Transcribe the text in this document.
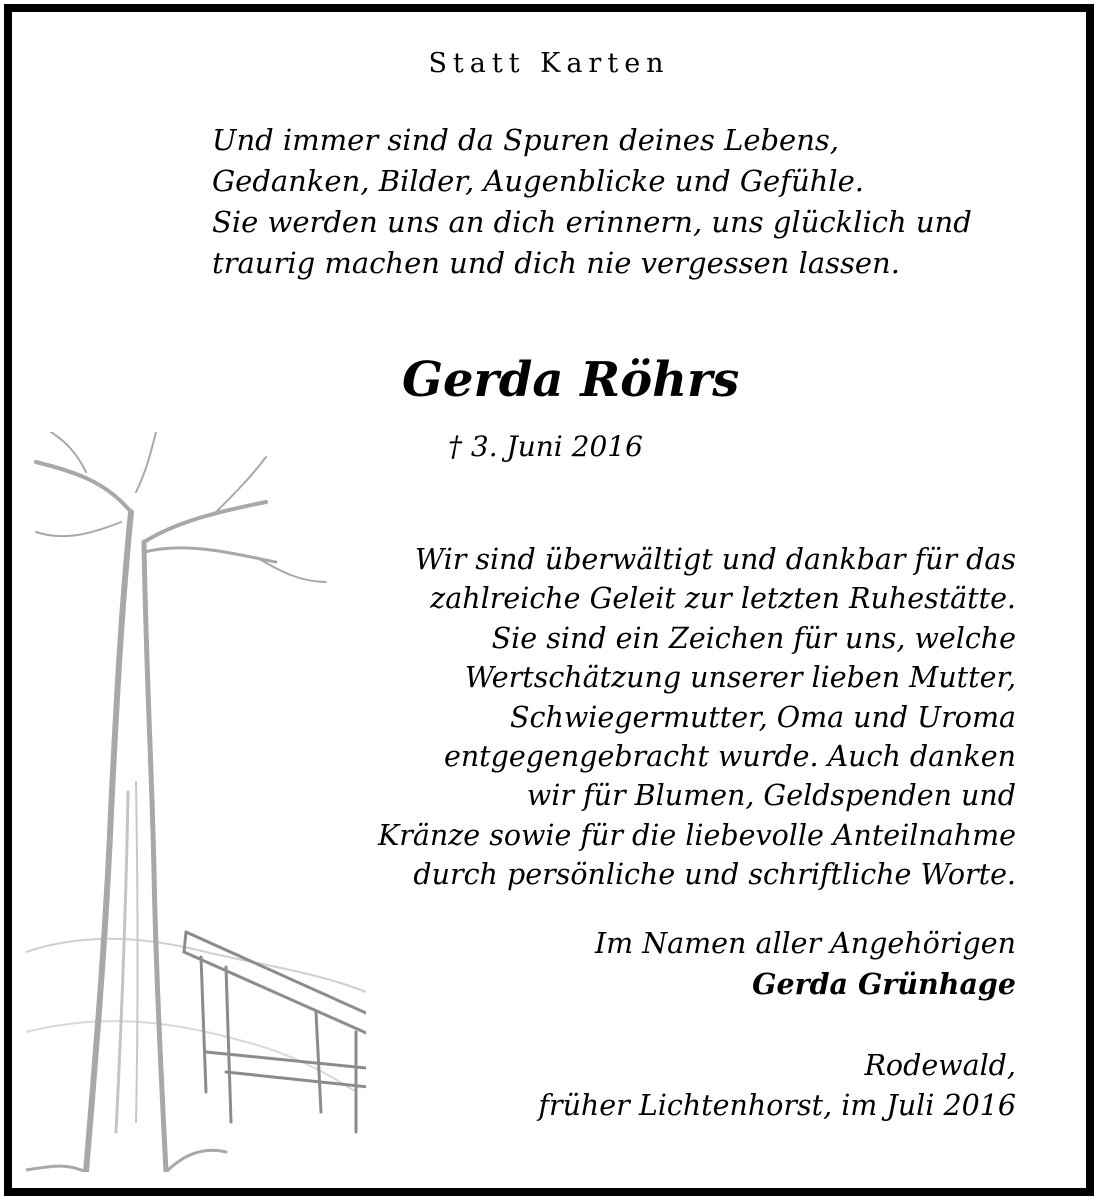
Statt Karten
Und immer sind da Spuren deines Lebens,
Gedanken, Bilder, Augenblicke und Gefühle.
Sie werden uns an dich erinnern, uns glücklich und
traurig machen und dich nie vergessen lassen.
Gerda Röhrs
† 3. Juni 2016
Wir sind überwältigt und dankbar für das
zahlreiche Geleit zur letzten Ruhestätte.
Sie sind ein Zeichen für uns, welche
Wertschätzung unserer lieben Mutter,
Schwiegermutter, Oma und Uroma
entgegengebracht wurde. Auch danken
wir für Blumen, Geldspenden und
Kränze sowie für die liebevolle Anteilnahme
durch persönliche und schriftliche Worte.
Im Namen aller Angehörigen
Gerda Grünhage
Rodewald,
früher Lichtenhorst, im Juli 2016
